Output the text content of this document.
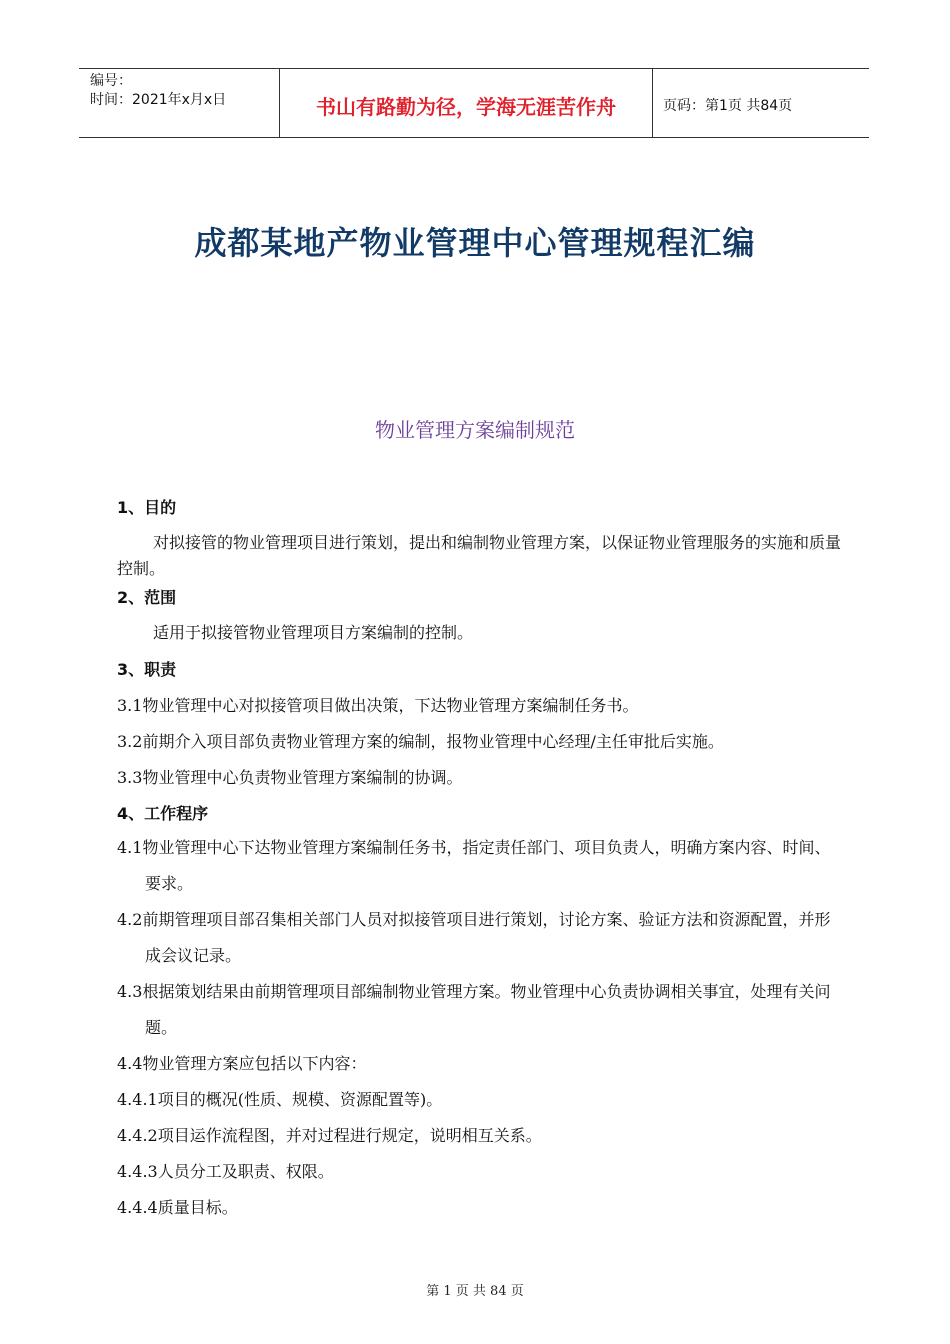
编号：
时间：2021年x月x日	书山有路勤为径，学海无涯苦作舟	页码：第1页 共84页
成都某地产物业管理中心管理规程汇编
物业管理方案编制规范
1、目的
对拟接管的物业管理项目进行策划，提出和编制物业管理方案，以保证物业管理服务的实施和质量控制。
2、范围
适用于拟接管物业管理项目方案编制的控制。
3、职责
3.1物业管理中心对拟接管项目做出决策，下达物业管理方案编制任务书。
3.2前期介入项目部负责物业管理方案的编制，报物业管理中心经理/主任审批后实施。
3.3物业管理中心负责物业管理方案编制的协调。
4、工作程序
4.1物业管理中心下达物业管理方案编制任务书，指定责任部门、项目负责人，明确方案内容、时间、要求。
4.2前期管理项目部召集相关部门人员对拟接管项目进行策划，讨论方案、验证方法和资源配置，并形成会议记录。
4.3根据策划结果由前期管理项目部编制物业管理方案。物业管理中心负责协调相关事宜，处理有关问题。
4.4物业管理方案应包括以下内容：
4.4.1项目的概况(性质、规模、资源配置等)。
4.4.2项目运作流程图，并对过程进行规定，说明相互关系。
4.4.3人员分工及职责、权限。
4.4.4质量目标。
第 1 页 共 84 页
